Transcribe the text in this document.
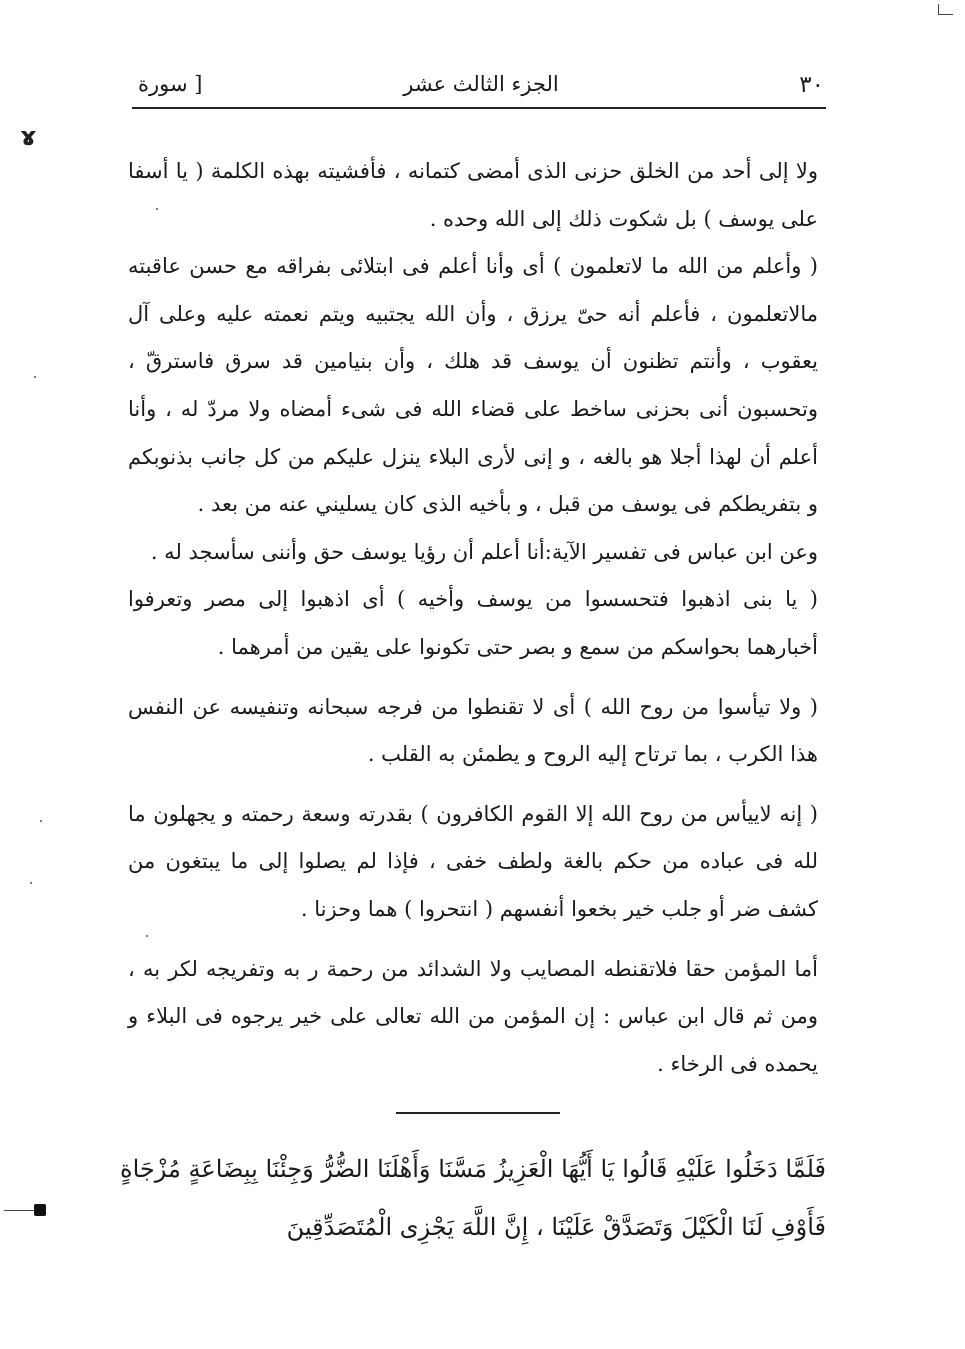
٣٠
الجزء الثالث عشر
[ سورة

ولا إلى أحد من الخلق حزنى الذى أمضى كتمانه ، فأفشيته بهذه الكلمة ( يا أسفا على يوسف ) بل شكوت ذلك إلى الله وحده .

( وأعلم من الله ما لاتعلمون ) أى وأنا أعلم فى ابتلائى بفراقه مع حسن عاقبته مالاتعلمون ، فأعلم أنه حىّ يرزق ، وأن الله يجتبيه ويتم نعمته عليه وعلى آل يعقوب ، وأنتم تظنون أن يوسف قد هلك ، وأن بنيامين قد سرق فاسترقّ ، وتحسبون أنى بحزنى ساخط على قضاء الله فى شىء أمضاه ولا مردّ له ، وأنا أعلم أن لهذا أجلا هو بالغه ، و إنى لأرى البلاء ينزل عليكم من كل جانب بذنوبكم و بتفريطكم فى يوسف من قبل ، و بأخيه الذى كان يسليني عنه من بعد .

وعن ابن عباس فى تفسير الآية:أنا أعلم أن رؤيا يوسف حق وأننى سأسجد له .

( يا بنى اذهبوا فتحسسوا من يوسف وأخيه ) أى اذهبوا إلى مصر وتعرفوا أخبارهما بحواسكم من سمع و بصر حتى تكونوا على يقين من أمرهما .

( ولا تيأسوا من روح الله ) أى لا تقنطوا من فرجه سبحانه وتنفيسه عن النفس هذا الكرب ، بما ترتاح إليه الروح و يطمئن به القلب .

( إنه لاييأس من روح الله إلا القوم الكافرون ) بقدرته وسعة رحمته و يجهلون ما لله فى عباده من حكم بالغة ولطف خفى ، فإذا لم يصلوا إلى ما يبتغون من كشف ضر أو جلب خير بخعوا أنفسهم ( انتحروا ) هما وحزنا .

أما المؤمن حقا فلاتقنطه المصايب ولا الشدائد من رحمة ر به وتفريجه لكر به ، ومن ثم قال ابن عباس : إن المؤمن من الله تعالى على خير يرجوه فى البلاء و يحمده فى الرخاء .

فَلَمَّا دَخَلُوا عَلَيْهِ قَالُوا يَا أَيُّهَا الْعَزِيزُ مَسَّنَا وَأَهْلَنَا الضُّرُّ وَجِئْنَا بِبِضَاعَةٍ مُزْجَاةٍ فَأَوْفِ لَنَا الْكَيْلَ وَتَصَدَّقْ عَلَيْنَا ، إِنَّ اللَّهَ يَجْزِى الْمُتَصَدِّقِينَ
ɤ
